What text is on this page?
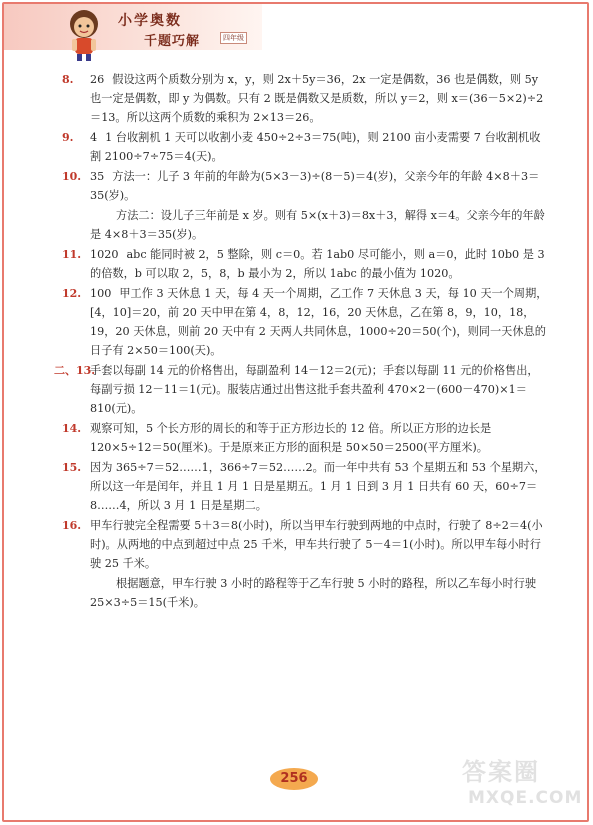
小学奥数
千题巧解	四年级
8. 26 假设这两个质数分别为 x，y，则 2x＋5y＝36，2x 一定是偶数，36 也是偶数，则 5y 也一定是偶数，即 y 为偶数。只有 2 既是偶数又是质数，所以 y＝2，则 x＝(36－5×2)÷2＝13。所以这两个质数的乘积为 2×13＝26。
9. 4 1 台收割机 1 天可以收割小麦 450÷2÷3＝75(吨)，则 2100 亩小麦需要 7 台收割机收割 2100÷7÷75＝4(天)。
10. 35 方法一：儿子 3 年前的年龄为(5×3－3)÷(8－5)＝4(岁)，父亲今年的年龄 4×8＋3＝35(岁)。
方法二：设儿子三年前是 x 岁。则有 5×(x＋3)＝8x＋3，解得 x＝4。父亲今年的年龄是 4×8＋3＝35(岁)。
11. 1020 abc 能同时被 2，5 整除，则 c＝0。若 1ab0 尽可能小，则 a＝0，此时 10b0 是 3 的倍数，b 可以取 2，5，8，b 最小为 2，所以 1abc 的最小值为 1020。
12. 100 甲工作 3 天休息 1 天，每 4 天一个周期，乙工作 7 天休息 3 天，每 10 天一个周期，[4，10]＝20，前 20 天中甲在第 4，8，12，16，20 天休息，乙在第 8，9，10，18，19，20 天休息，则前 20 天中有 2 天两人共同休息，1000÷20＝50(个)，则同一天休息的日子有 2×50＝100(天)。
二、13.
手套以每副 14 元的价格售出，每副盈利 14－12＝2(元)；手套以每副 11 元的价格售出，每副亏损 12－11＝1(元)。服装店通过出售这批手套共盈利 470×2－(600－470)×1＝810(元)。
14. 观察可知，5 个长方形的周长的和等于正方形边长的 12 倍。所以正方形的边长是 120×5÷12＝50(厘米)。于是原来正方形的面积是 50×50＝2500(平方厘米)。
15. 因为 365÷7＝52……1，366÷7＝52……2。而一年中共有 53 个星期五和 53 个星期六，所以这一年是闰年，并且 1 月 1 日是星期五。1 月 1 日到 3 月 1 日共有 60 天，60÷7＝8……4，所以 3 月 1 日是星期二。
16. 甲车行驶完全程需要 5＋3＝8(小时)，所以当甲车行驶到两地的中点时，行驶了 8÷2＝4(小时)。从两地的中点到超过中点 25 千米，甲车共行驶了 5－4＝1(小时)。所以甲车每小时行驶 25 千米。
根据题意，甲车行驶 3 小时的路程等于乙车行驶 5 小时的路程，所以乙车每小时行驶 25×3÷5＝15(千米)。
256	答案圈
MXQE.COM
